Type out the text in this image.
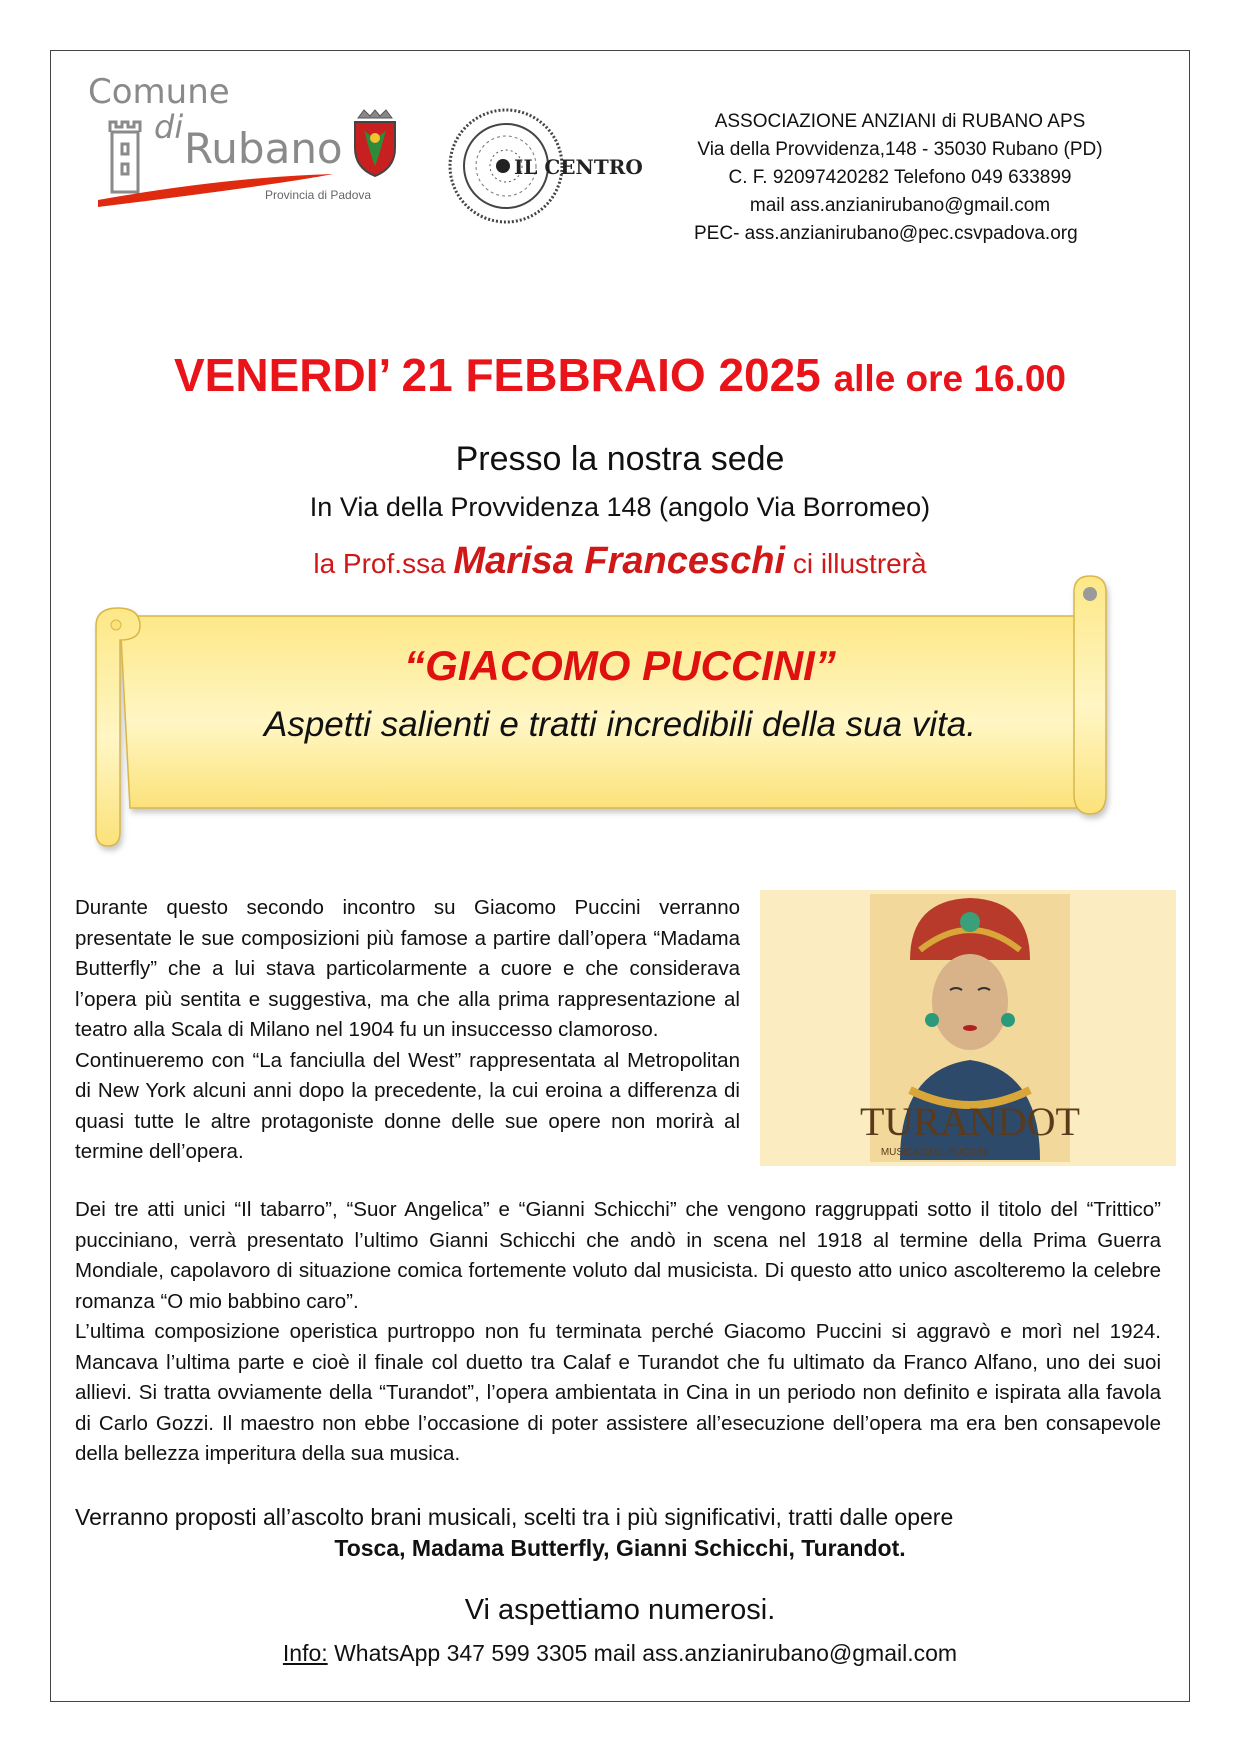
Comune
di Rubano
Provincia di Padova
IL CENTRO
ASSOCIAZIONE ANZIANI di RUBANO APS
Via della Provvidenza,148 - 35030 Rubano (PD)
C. F. 92097420282 Telefono 049 633899
mail ass.anzianirubano@gmail.com
PEC- ass.anzianirubano@pec.csvpadova.org
VENERDI’ 21 FEBBRAIO 2025 alle ore 16.00
Presso la nostra sede
In Via della Provvidenza 148 (angolo Via Borromeo)
la Prof.ssa Marisa Franceschi ci illustrerà
“GIACOMO PUCCINI”
Aspetti salienti e tratti incredibili della sua vita.
TURANDOT
MUSICA DI G. PUCCINI

Durante questo secondo incontro su Giacomo Puccini verranno presentate le sue composizioni più famose a partire dall’opera “Madama Butterfly” che a lui stava particolarmente a cuore e che considerava l’opera più sentita e suggestiva, ma che alla prima rappresentazione al teatro alla Scala di Milano nel 1904 fu un insuccesso clamoroso.

Continueremo con “La fanciulla del West” rappresentata al Metropolitan di New York alcuni anni dopo la precedente, la cui eroina a differenza di quasi tutte le altre protagoniste donne delle sue opere non morirà al termine dell’opera.

Dei tre atti unici “Il tabarro”, “Suor Angelica” e “Gianni Schicchi” che vengono raggruppati sotto il titolo del “Trittico” pucciniano, verrà presentato l’ultimo Gianni Schicchi che andò in scena nel 1918 al termine della Prima Guerra Mondiale, capolavoro di situazione comica fortemente voluto dal musicista. Di questo atto unico ascolteremo la celebre romanza “O mio babbino caro”.

L’ultima composizione operistica purtroppo non fu terminata perché Giacomo Puccini si aggravò e morì nel 1924. Mancava l’ultima parte e cioè il finale col duetto tra Calaf e Turandot che fu ultimato da Franco Alfano, uno dei suoi allievi. Si tratta ovviamente della “Turandot”, l’opera ambientata in Cina in un periodo non definito e ispirata alla favola di Carlo Gozzi. Il maestro non ebbe l’occasione di poter assistere all’esecuzione dell’opera ma era ben consapevole della bellezza imperitura della sua musica.

Verranno proposti all’ascolto brani musicali, scelti tra i più significativi, tratti dalle opere
Tosca, Madama Butterfly, Gianni Schicchi, Turandot.
Vi aspettiamo numerosi.
Info: WhatsApp 347 599 3305 mail ass.anzianirubano@gmail.com
